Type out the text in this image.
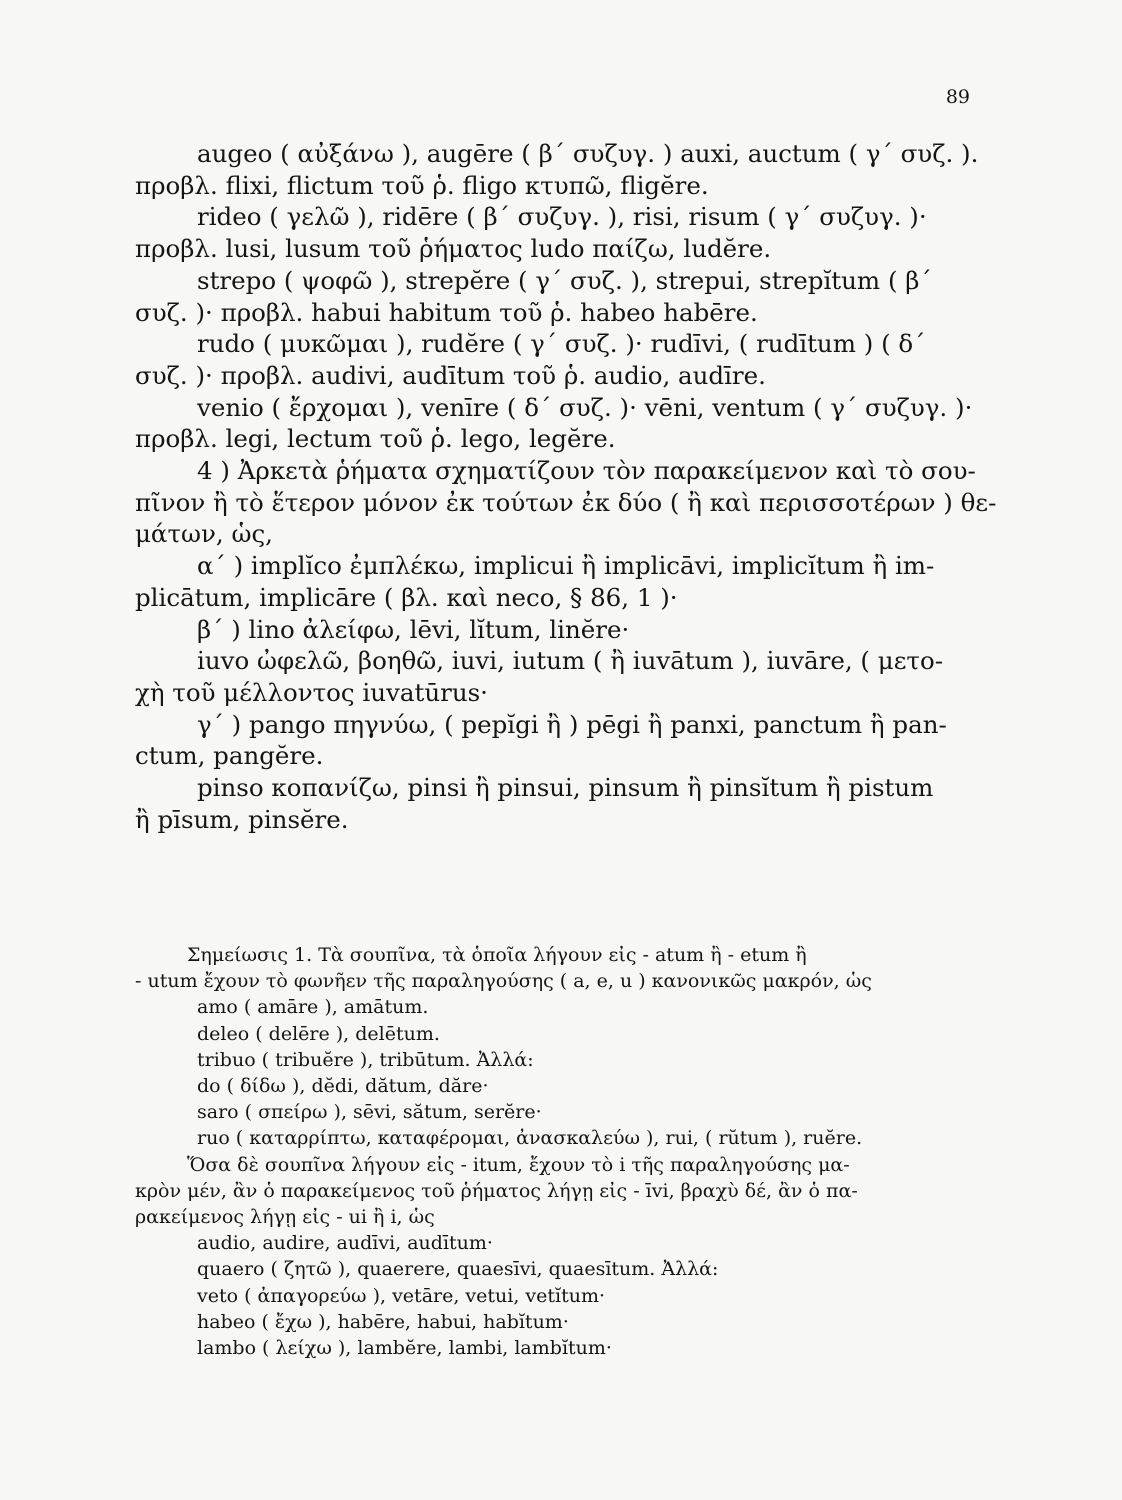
89
augeo ( αὐξάνω ), augēre ( β΄ συζυγ. ) auxi, auctum ( γ΄ συζ. ).
προβλ. flixi, flictum τοῦ ῥ. fligo κτυπῶ, fligĕre.
rideo ( γελῶ ), ridēre ( β΄ συζυγ. ), risi, risum ( γ΄ συζυγ. )·
προβλ. lusi, lusum τοῦ ῥήματος ludo παίζω, ludĕre.
strepo ( ψοφῶ ), strepĕre ( γ΄ συζ. ), strepui, strepĭtum ( β΄
συζ. )· προβλ. habui habitum τοῦ ῥ. habeo habēre.
rudo ( μυκῶμαι ), rudĕre ( γ΄ συζ. )· rudīvi, ( rudītum ) ( δ΄
συζ. )· προβλ. audivi, audītum τοῦ ῥ. audio, audīre.
venio ( ἔρχομαι ), venīre ( δ΄ συζ. )· vēni, ventum ( γ΄ συζυγ. )·
προβλ. legi, lectum τοῦ ῥ. lego, legĕre.
4 ) Ἀρκετὰ ῥήματα σχηματίζουν τὸν παρακείμενον καὶ τὸ σου-
πῖνον ἢ τὸ ἕτερον μόνον ἐκ τούτων ἐκ δύο ( ἢ καὶ περισσοτέρων ) θε-
μάτων, ὡς,
α΄ ) implĭco ἐμπλέκω, implicui ἢ implicāvi, implicĭtum ἢ im-
plicātum, implicāre ( βλ. καὶ neco, § 86, 1 )·
β΄ ) lino ἀλείφω, lēvi, lĭtum, linĕre·
iuvo ὠφελῶ, βοηθῶ, iuvi, iutum ( ἢ iuvātum ), iuvāre, ( μετο-
χὴ τοῦ μέλλοντος iuvatūrus·
γ΄ ) pango πηγνύω, ( pepĭgi ἢ ) pēgi ἢ panxi, panctum ἢ pan-
ctum, pangĕre.
pinso κοπανίζω, pinsi ἢ pinsui, pinsum ἢ pinsĭtum ἢ pistum
ἢ pīsum, pinsĕre.
Σημείωσις 1. Τὰ σουπῖνα, τὰ ὁποῖα λήγουν εἰς - atum ἢ - etum ἢ
- utum ἔχουν τὸ φωνῆεν τῆς παραληγούσης ( a, e, u ) κανονικῶς μακρόν, ὡς
amo ( amāre ), amātum.
deleo ( delēre ), delētum.
tribuo ( tribuĕre ), tribūtum. Ἀλλά:
do ( δίδω ), dĕdi, dătum, dăre·
saro ( σπείρω ), sēvi, sătum, serĕre·
ruo ( καταρρίπτω, καταφέρομαι, ἀνασκαλεύω ), rui, ( rŭtum ), ruĕre.
Ὅσα δὲ σουπῖνα λήγουν εἰς - itum, ἔχουν τὸ i τῆς παραληγούσης μα-
κρὸν μέν, ἂν ὁ παρακείμενος τοῦ ῥήματος λήγῃ εἰς - īvi, βραχὺ δέ, ἂν ὁ πα-
ρακείμενος λήγῃ εἰς - ui ἢ i, ὡς
audio, audire, audīvi, audītum·
quaero ( ζητῶ ), quaerere, quaesīvi, quaesītum. Ἀλλά:
veto ( ἀπαγορεύω ), vetāre, vetui, vetĭtum·
habeo ( ἔχω ), habēre, habui, habĭtum·
lambo ( λείχω ), lambĕre, lambi, lambĭtum·
